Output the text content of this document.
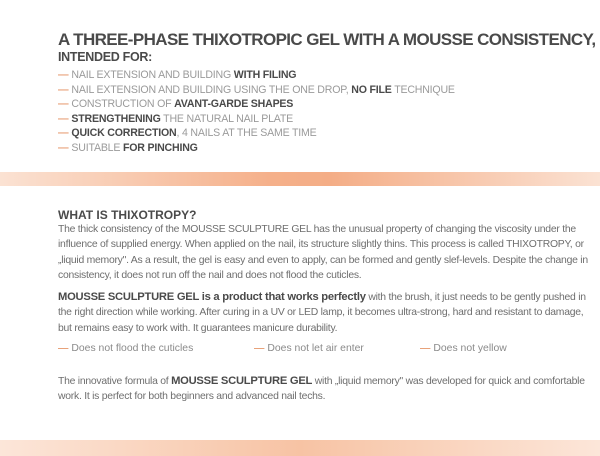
A THREE-PHASE THIXOTROPIC GEL WITH A MOUSSE CONSISTENCY,
INTENDED FOR:
— NAIL EXTENSION AND BUILDING WITH FILING
— NAIL EXTENSION AND BUILDING USING THE ONE DROP, NO FILE TECHNIQUE
— CONSTRUCTION OF AVANT-GARDE SHAPES
— STRENGTHENING THE NATURAL NAIL PLATE
— QUICK CORRECTION, 4 NAILS AT THE SAME TIME
— SUITABLE FOR PINCHING
WHAT IS THIXOTROPY?

The thick consistency of the MOUSSE SCULPTURE GEL has the unusual property of changing the viscosity under the influence of supplied energy. When applied on the nail, its structure slightly thins. This process is called THIXOTROPY, or „liquid memory". As a result, the gel is easy and even to apply, can be formed and gently slef-levels. Despite the change in consistency, it does not run off the nail and does not flood the cuticles.

MOUSSE SCULPTURE GEL is a product that works perfectly with the brush, it just needs to be gently pushed in the right direction while working. After curing in a UV or LED lamp, it becomes ultra-strong, hard and resistant to damage, but remains easy to work with. It guarantees manicure durability.

— Does not flood the cuticles	— Does not let air enter	— Does not yellow

The innovative formula of MOUSSE SCULPTURE GEL with „liquid memory" was developed for quick and comfortable work. It is perfect for both beginners and advanced nail techs.
